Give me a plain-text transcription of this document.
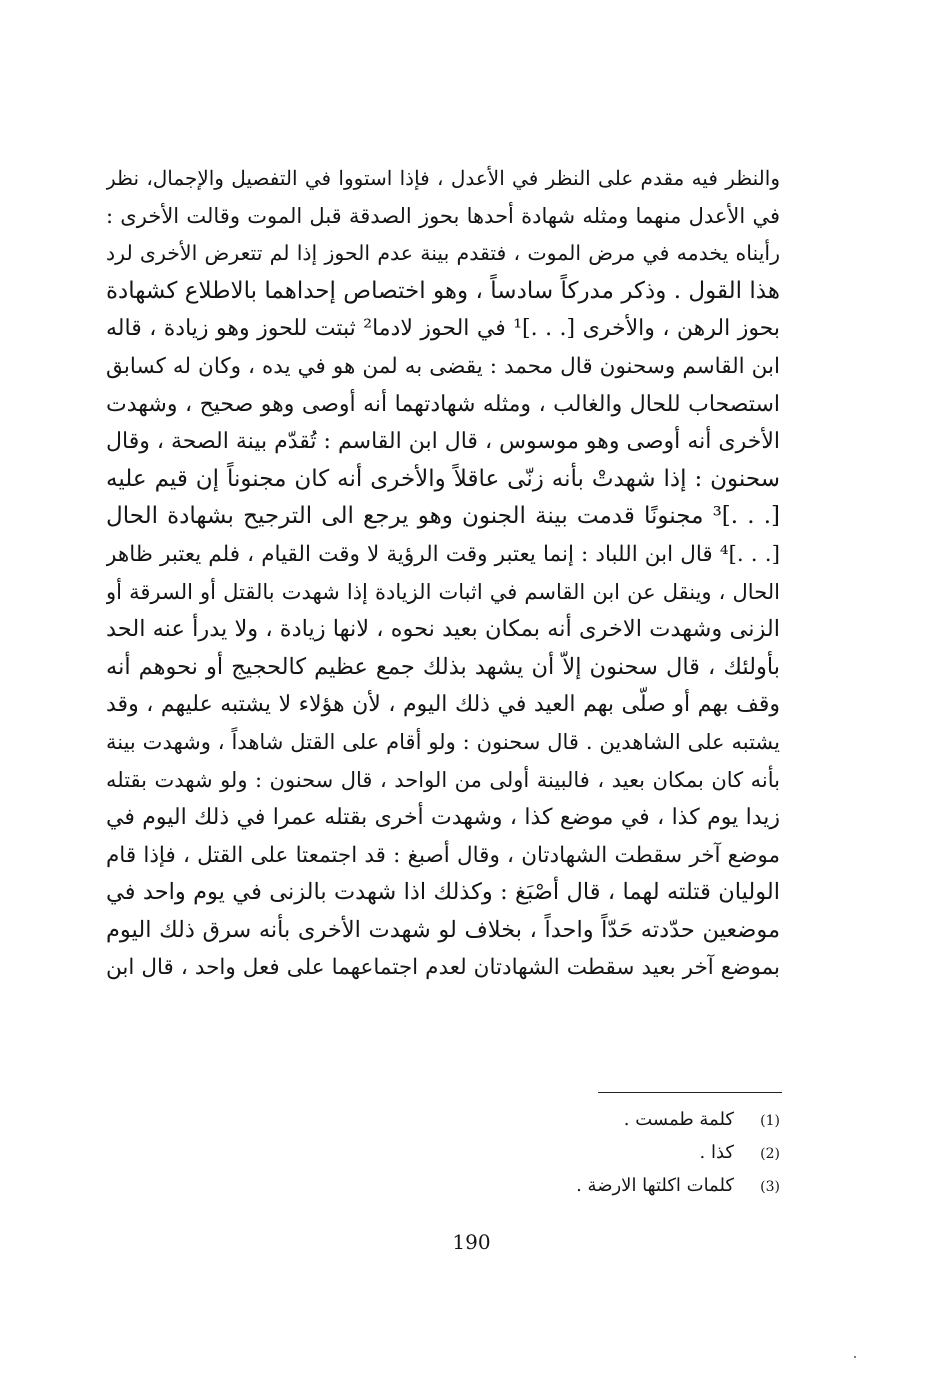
والنظر فيه مقدم على النظر في الأعدل ، فإذا استووا في التفصيل والإجمال، نظر
في الأعدل منهما ومثله شهادة أحدها بحوز الصدقة قبل الموت وقالت الأخرى :
رأيناه يخدمه في مرض الموت ، فتقدم بينة عدم الحوز إذا لم تتعرض الأخرى لرد
هذا القول . وذكر مدركاً سادساً ، وهو اختصاص إحداهما بالاطلاع كشهادة
بحوز الرهن ، والأخرى [. . .]¹ في الحوز لادما² ثبتت للحوز وهو زيادة ، قاله
ابن القاسم وسحنون قال محمد : يقضى به لمن هو في يده ، وكان له كسابق
استصحاب للحال والغالب ، ومثله شهادتهما أنه أوصى وهو صحيح ، وشهدت
الأخرى أنه أوصى وهو موسوس ، قال ابن القاسم : تُقدّم بينة الصحة ، وقال
سحنون : إذا شهدتْ بأنه زنّى عاقلاً والأخرى أنه كان مجنوناً إن قيم عليه
[. . .]³ مجنونًا قدمت بينة الجنون وهو يرجع الى الترجيح بشهادة الحال
[. . .]⁴ قال ابن اللباد : إنما يعتبر وقت الرؤية لا وقت القيام ، فلم يعتبر ظاهر
الحال ، وينقل عن ابن القاسم في اثبات الزيادة إذا شهدت بالقتل أو السرقة أو
الزنى وشهدت الاخرى أنه بمكان بعيد نحوه ، لانها زيادة ، ولا يدرأ عنه الحد
بأولئك ، قال سحنون إلاّ أن يشهد بذلك جمع عظيم كالحجيج أو نحوهم أنه
وقف بهم أو صلّى بهم العيد في ذلك اليوم ، لأن هؤلاء لا يشتبه عليهم ، وقد
يشتبه على الشاهدين . قال سحنون : ولو أقام على القتل شاهداً ، وشهدت بينة
بأنه كان بمكان بعيد ، فالبينة أولى من الواحد ، قال سحنون : ولو شهدت بقتله
زيدا يوم كذا ، في موضع كذا ، وشهدت أخرى بقتله عمرا في ذلك اليوم في
موضع آخر سقطت الشهادتان ، وقال أصبغ : قد اجتمعتا على القتل ، فإذا قام
الوليان قتلته لهما ، قال أصْبَغ : وكذلك اذا شهدت بالزنى في يوم واحد في
موضعين حدّدته حَدّاً واحداً ، بخلاف لو شهدت الأخرى بأنه سرق ذلك اليوم
بموضع آخر بعيد سقطت الشهادتان لعدم اجتماعهما على فعل واحد ، قال ابن
(1)كلمة طمست .
(2)كذا .
(3)كلمات اكلتها الارضة .
190
